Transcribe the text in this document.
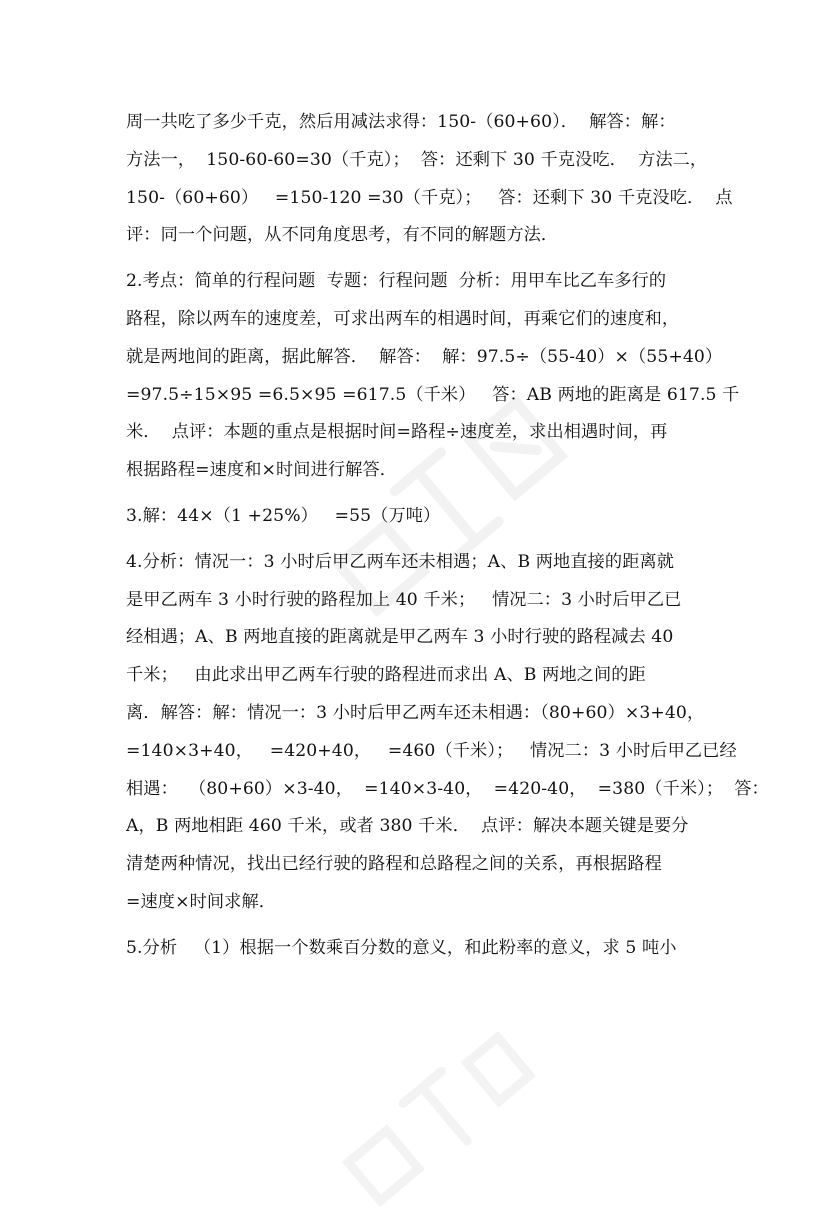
周一共吃了多少千克，然后用减法求得：150-（60+60）．  解答：解：
方法一，  150-60-60=30（千克）；  答：还剩下 30 千克没吃．  方法二，
150-（60+60）   =150-120 =30（千克）；   答：还剩下 30 千克没吃．  点
评：同一个问题，从不同角度思考，有不同的解题方法．
2.考点：简单的行程问题  专题：行程问题  分析：用甲车比乙车多行的
路程，除以两车的速度差，可求出两车的相遇时间，再乘它们的速度和，
就是两地间的距离，据此解答．  解答：  解：97.5÷（55-40）×（55+40）
=97.5÷15×95 =6.5×95 =617.5（千米）   答：AB 两地的距离是 617.5 千
米．  点评：本题的重点是根据时间=路程÷速度差，求出相遇时间，再
根据路程=速度和×时间进行解答．
3.解：44×（1 +25%）   =55（万吨）
4.分析：情况一：3 小时后甲乙两车还未相遇；A、B 两地直接的距离就
是甲乙两车 3 小时行驶的路程加上 40 千米；   情况二：3 小时后甲乙已
经相遇；A、B 两地直接的距离就是甲乙两车 3 小时行驶的路程减去 40
千米；   由此求出甲乙两车行驶的路程进而求出 A、B 两地之间的距
离．解答：解：情况一：3 小时后甲乙两车还未相遇：（80+60）×3+40，
=140×3+40，   =420+40，   =460（千米）；   情况二：3 小时后甲乙已经
相遇：  （80+60）×3-40，  =140×3-40，  =420-40，  =380（千米）；  答：
A，B 两地相距 460 千米，或者 380 千米．  点评：解决本题关键是要分
清楚两种情况，找出已经行驶的路程和总路程之间的关系，再根据路程
=速度×时间求解．
5.分析   （1）根据一个数乘百分数的意义，和此粉率的意义，求 5 吨小
